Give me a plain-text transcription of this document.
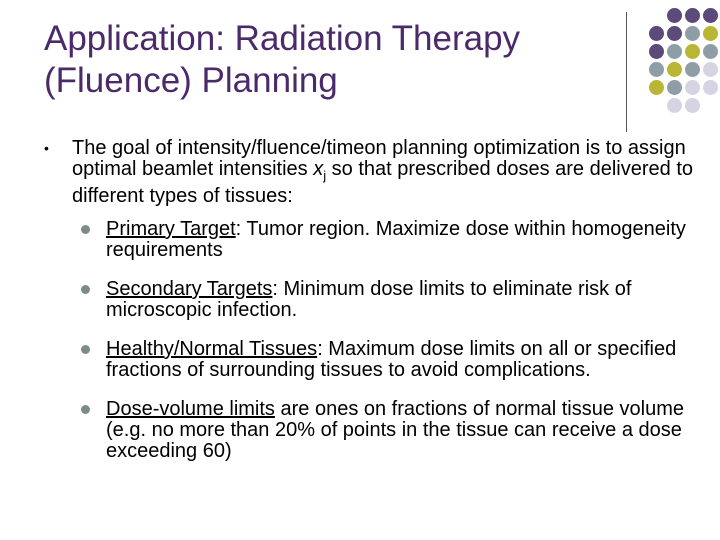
Application: Radiation Therapy
(Fluence) Planning

• The goal of intensity/fluence/timeon planning optimization is to assign optimal beamlet intensities $x_j$ so that prescribed doses are delivered to different types of tissues:

Primary Target: Tumor region. Maximize dose within homogeneity requirements
Secondary Targets: Minimum dose limits to eliminate risk of microscopic infection.
Healthy/Normal Tissues: Maximum dose limits on all or specified fractions of surrounding tissues to avoid complications.
Dose-volume limits are ones on fractions of normal tissue volume (e.g. no more than 20% of points in the tissue can receive a dose exceeding 60)
